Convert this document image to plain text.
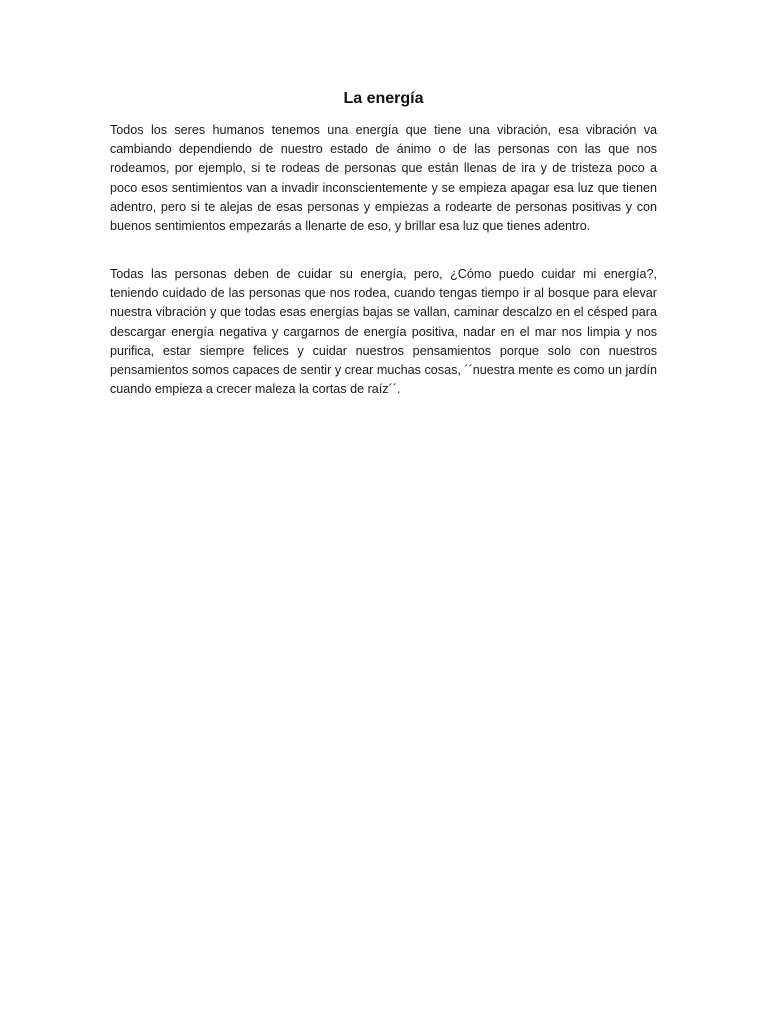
La energía

Todos los seres humanos tenemos una energía que tiene una vibración, esa vibración va cambiando dependiendo de nuestro estado de ánimo o de las personas con las que nos rodeamos, por ejemplo, si te rodeas de personas que están llenas de ira y de tristeza poco a poco esos sentimientos van a invadir inconscientemente y se empieza apagar esa luz que tienen adentro, pero si te alejas de esas personas y empiezas a rodearte de personas positivas y con buenos sentimientos empezarás a llenarte de eso, y brillar esa luz que tienes adentro.

Todas las personas deben de cuidar su energía, pero, ¿Cómo puedo cuidar mi energía?, teniendo cuidado de las personas que nos rodea, cuando tengas tiempo ir al bosque para elevar nuestra vibración y que todas esas energías bajas se vallan, caminar descalzo en el césped para descargar energía negativa y cargarnos de energía positiva, nadar en el mar nos limpia y nos purifica, estar siempre felices y cuidar nuestros pensamientos porque solo con nuestros pensamientos somos capaces de sentir y crear muchas cosas, ´´nuestra mente es como un jardín cuando empieza a crecer maleza la cortas de raíz´´.
